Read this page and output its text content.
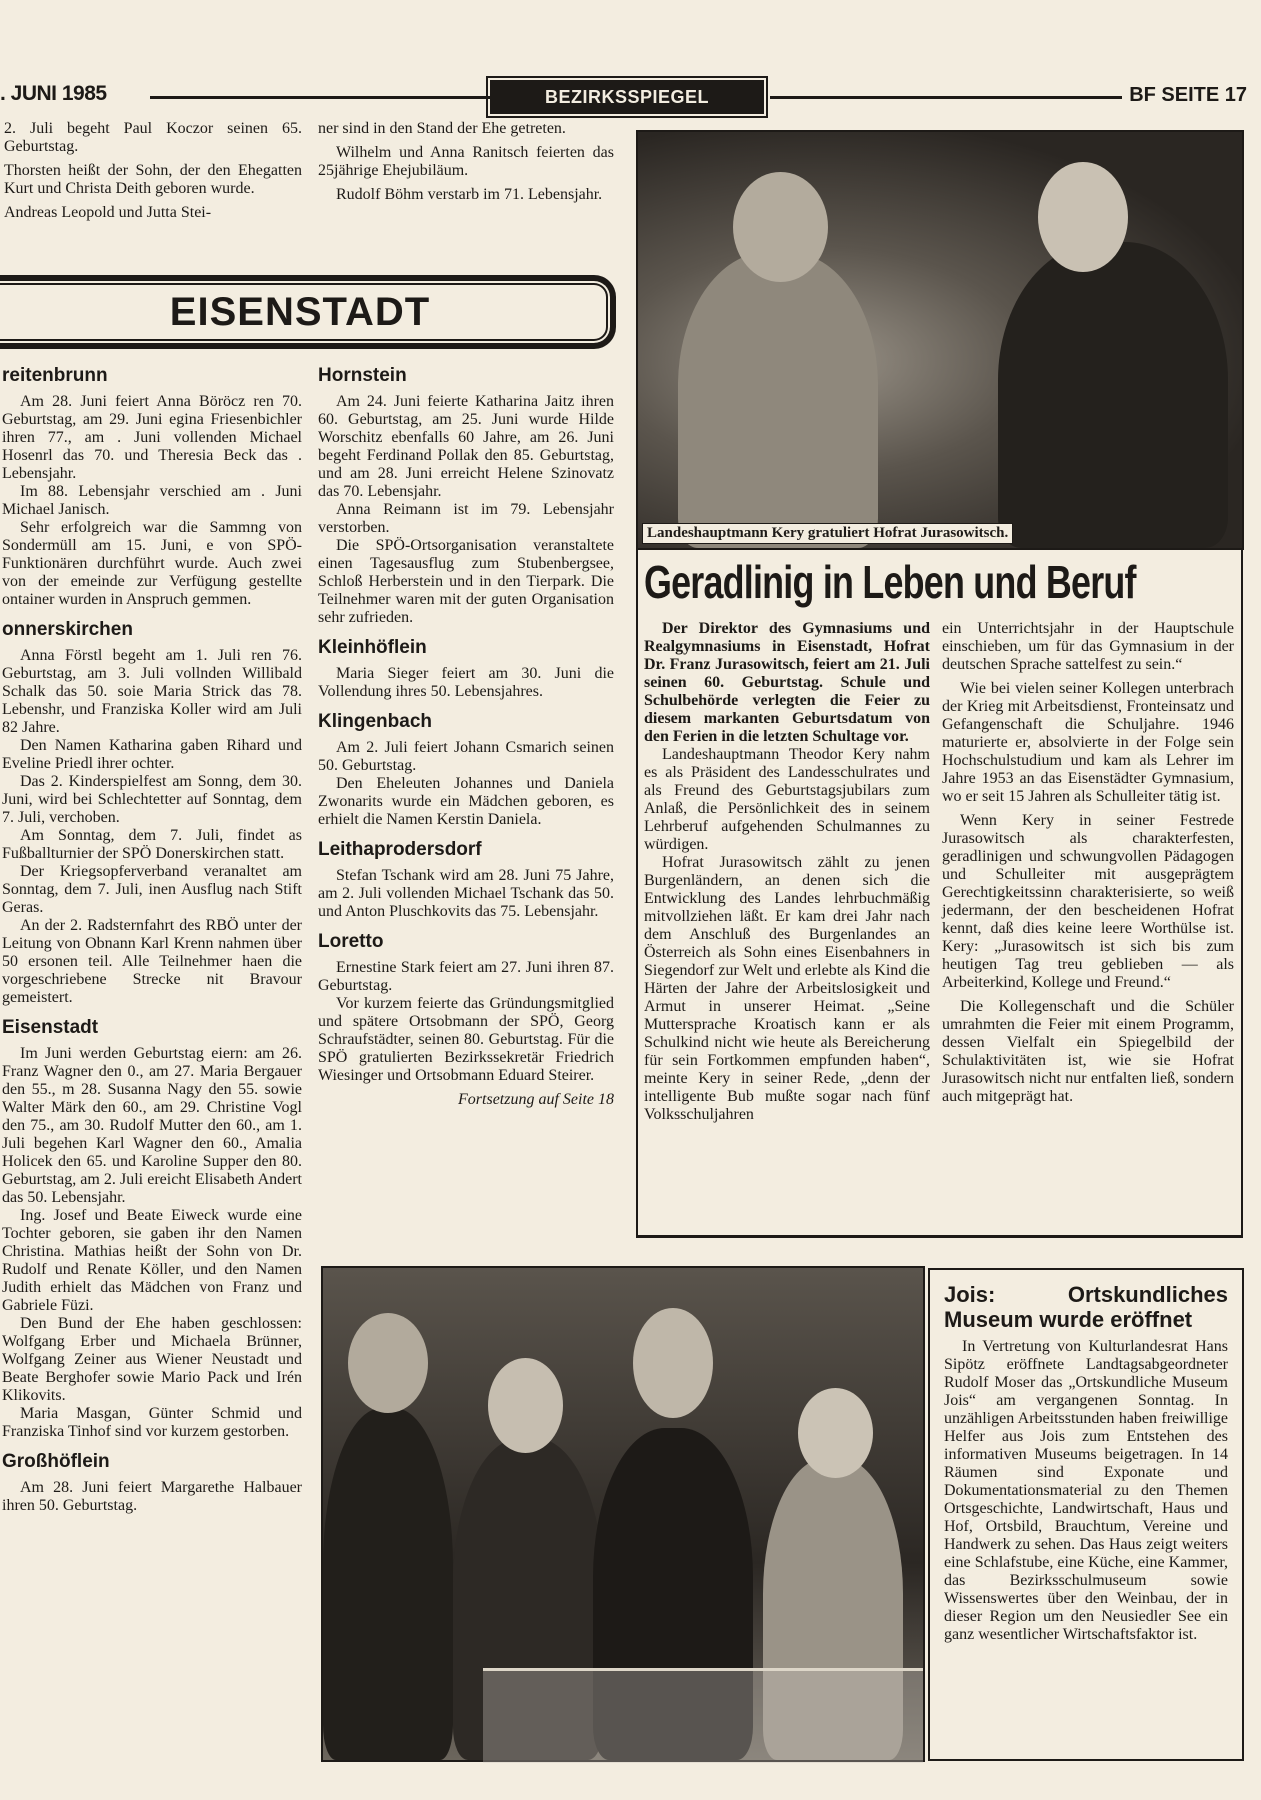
. JUNI 1985	BEZIRKSSPIEGEL	BF SEITE 17

2. Juli begeht Paul Koczor seinen 65. Geburtstag.

Thorsten heißt der Sohn, der den Ehegatten Kurt und Christa Deith geboren wurde.

Andreas Leopold und Jutta Stei-

ner sind in den Stand der Ehe getreten.

Wilhelm und Anna Ranitsch feierten das 25jährige Ehejubiläum.

Rudolf Böhm verstarb im 71. Lebensjahr.

EISENSTADT
reitenbrunn

Am 28. Juni feiert Anna Böröcz ren 70. Geburtstag, am 29. Juni egina Friesenbichler ihren 77., am . Juni vollenden Michael Hosenrl das 70. und Theresia Beck das . Lebensjahr.

Im 88. Lebensjahr verschied am . Juni Michael Janisch.

Sehr erfolgreich war die Sammng von Sondermüll am 15. Juni, e von SPÖ-Funktionären durchführt wurde. Auch zwei von der emeinde zur Verfügung gestellte ontainer wurden in Anspruch gemmen.

onnerskirchen

Anna Förstl begeht am 1. Juli ren 76. Geburtstag, am 3. Juli vollnden Willibald Schalk das 50. soie Maria Strick das 78. Lebenshr, und Franziska Koller wird am Juli 82 Jahre.

Den Namen Katharina gaben Rihard und Eveline Priedl ihrer ochter.

Das 2. Kinderspielfest am Sonng, dem 30. Juni, wird bei Schlechtetter auf Sonntag, dem 7. Juli, verchoben.

Am Sonntag, dem 7. Juli, findet as Fußballturnier der SPÖ Donerskirchen statt.

Der Kriegsopferverband veranaltet am Sonntag, dem 7. Juli, inen Ausflug nach Stift Geras.

An der 2. Radsternfahrt des RBÖ unter der Leitung von Obnann Karl Krenn nahmen über 50 ersonen teil. Alle Teilnehmer haen die vorgeschriebene Strecke nit Bravour gemeistert.

Eisenstadt

Im Juni werden Geburtstag eiern: am 26. Franz Wagner den 0., am 27. Maria Bergauer den 55., m 28. Susanna Nagy den 55. sowie Walter Märk den 60., am 29. Christine Vogl den 75., am 30. Rudolf Mutter den 60., am 1. Juli begehen Karl Wagner den 60., Amalia Holicek den 65. und Karoline Supper den 80. Geburtstag, am 2. Juli ereicht Elisabeth Andert das 50. Lebensjahr.

Ing. Josef und Beate Eiweck wurde eine Tochter geboren, sie gaben ihr den Namen Christina. Mathias heißt der Sohn von Dr. Rudolf und Renate Köller, und den Namen Judith erhielt das Mädchen von Franz und Gabriele Füzi.

Den Bund der Ehe haben geschlossen: Wolfgang Erber und Michaela Brünner, Wolfgang Zeiner aus Wiener Neustadt und Beate Berghofer sowie Mario Pack und Irén Klikovits.

Maria Masgan, Günter Schmid und Franziska Tinhof sind vor kurzem gestorben.

Großhöflein

Am 28. Juni feiert Margarethe Halbauer ihren 50. Geburtstag.

Hornstein

Am 24. Juni feierte Katharina Jaitz ihren 60. Geburtstag, am 25. Juni wurde Hilde Worschitz ebenfalls 60 Jahre, am 26. Juni begeht Ferdinand Pollak den 85. Geburtstag, und am 28. Juni erreicht Helene Szinovatz das 70. Lebensjahr.

Anna Reimann ist im 79. Lebensjahr verstorben.

Die SPÖ-Ortsorganisation veranstaltete einen Tagesausflug zum Stubenbergsee, Schloß Herberstein und in den Tierpark. Die Teilnehmer waren mit der guten Organisation sehr zufrieden.

Kleinhöflein

Maria Sieger feiert am 30. Juni die Vollendung ihres 50. Lebensjahres.

Klingenbach

Am 2. Juli feiert Johann Csmarich seinen 50. Geburtstag.

Den Eheleuten Johannes und Daniela Zwonarits wurde ein Mädchen geboren, es erhielt die Namen Kerstin Daniela.

Leithaprodersdorf

Stefan Tschank wird am 28. Juni 75 Jahre, am 2. Juli vollenden Michael Tschank das 50. und Anton Pluschkovits das 75. Lebensjahr.

Loretto

Ernestine Stark feiert am 27. Juni ihren 87. Geburtstag.

Vor kurzem feierte das Gründungsmitglied und spätere Ortsobmann der SPÖ, Georg Schraufstädter, seinen 80. Geburtstag. Für die SPÖ gratulierten Bezirkssekretär Friedrich Wiesinger und Ortsobmann Eduard Steirer.

Fortsetzung auf Seite 18

Landeshauptmann Kery gratuliert Hofrat Jurasowitsch.
Geradlinig in Leben und Beruf

Der Direktor des Gymnasiums und Realgymnasiums in Eisenstadt, Hofrat Dr. Franz Jurasowitsch, feiert am 21. Juli seinen 60. Geburtstag. Schule und Schulbehörde verlegten die Feier zu diesem markanten Geburtsdatum von den Ferien in die letzten Schultage vor.

Landeshauptmann Theodor Kery nahm es als Präsident des Landesschulrates und als Freund des Geburtstagsjubilars zum Anlaß, die Persönlichkeit des in seinem Lehrberuf aufgehenden Schulmannes zu würdigen.

Hofrat Jurasowitsch zählt zu jenen Burgenländern, an denen sich die Entwicklung des Landes lehrbuchmäßig mitvollziehen läßt. Er kam drei Jahr nach dem Anschluß des Burgenlandes an Österreich als Sohn eines Eisenbahners in Siegendorf zur Welt und erlebte als Kind die Härten der Jahre der Arbeitslosigkeit und Armut in unserer Heimat. „Seine Muttersprache Kroatisch kann er als Schulkind nicht wie heute als Bereicherung für sein Fortkommen empfunden haben“, meinte Kery in seiner Rede, „denn der intelligente Bub mußte sogar nach fünf Volksschuljahren

ein Unterrichtsjahr in der Hauptschule einschieben, um für das Gymnasium in der deutschen Sprache sattelfest zu sein.“

Wie bei vielen seiner Kollegen unterbrach der Krieg mit Arbeitsdienst, Fronteinsatz und Gefangenschaft die Schuljahre. 1946 maturierte er, absolvierte in der Folge sein Hochschulstudium und kam als Lehrer im Jahre 1953 an das Eisenstädter Gymnasium, wo er seit 15 Jahren als Schulleiter tätig ist.

Wenn Kery in seiner Festrede Jurasowitsch als charakterfesten, geradlinigen und schwungvollen Pädagogen und Schulleiter mit ausgeprägtem Gerechtigkeitssinn charakterisierte, so weiß jedermann, der den bescheidenen Hofrat kennt, daß dies keine leere Worthülse ist. Kery: „Jurasowitsch ist sich bis zum heutigen Tag treu geblieben — als Arbeiterkind, Kollege und Freund.“

Die Kollegenschaft und die Schüler umrahmten die Feier mit einem Programm, dessen Vielfalt ein Spiegelbild der Schulaktivitäten ist, wie sie Hofrat Jurasowitsch nicht nur entfalten ließ, sondern auch mitgeprägt hat.

Jois: Ortskundliches Museum wurde eröffnet

In Vertretung von Kulturlandesrat Hans Sipötz eröffnete Landtagsabgeordneter Rudolf Moser das „Ortskundliche Museum Jois“ am vergangenen Sonntag. In unzähligen Arbeitsstunden haben freiwillige Helfer aus Jois zum Entstehen des informativen Museums beigetragen. In 14 Räumen sind Exponate und Dokumentationsmaterial zu den Themen Ortsgeschichte, Landwirtschaft, Haus und Hof, Ortsbild, Brauchtum, Vereine und Handwerk zu sehen. Das Haus zeigt weiters eine Schlafstube, eine Küche, eine Kammer, das Bezirksschulmuseum sowie Wissenswertes über den Weinbau, der in dieser Region um den Neusiedler See ein ganz wesentlicher Wirtschaftsfaktor ist.
